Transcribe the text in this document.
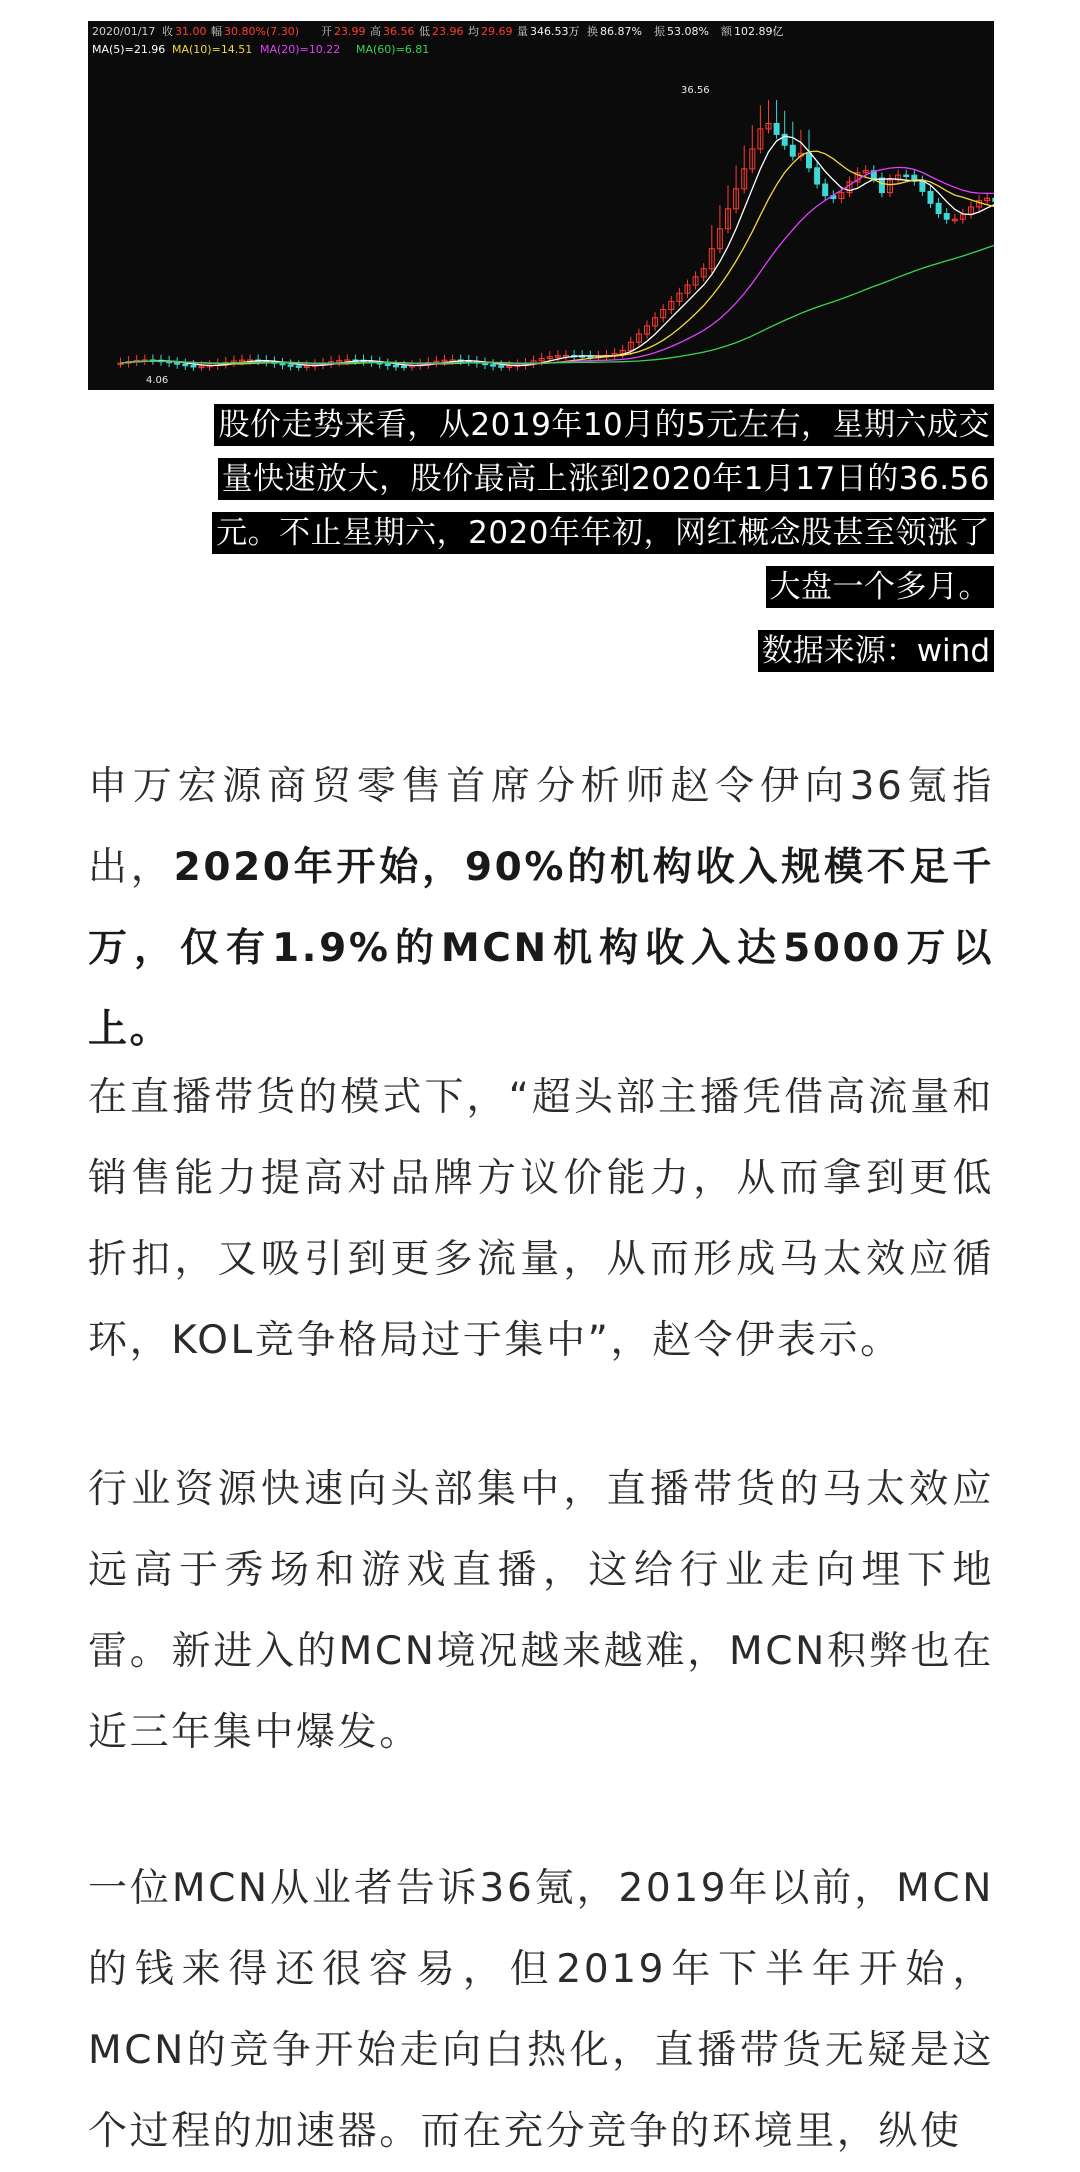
2020/01/17 收 31.00 幅 30.80%(7.30) 开 23.99 高 36.56 低 23.96 均 29.69 量 346.53万 换 86.87% 振 53.08% 额 102.89亿
MA(5)=21.96 MA(10)=14.51 MA(20)=10.22 MA(60)=6.81
36.56
4.06
股价走势来看，从2019年10月的5元左右，星期六成交
量快速放大，股价最高上涨到2020年1月17日的36.56
元。不止星期六，2020年年初，网红概念股甚至领涨了
大盘一个多月。
数据来源：wind
申万宏源商贸零售首席分析师赵令伊向36氪指出，2020年开始，90%的机构收入规模不足千万，仅有1.9%的MCN机构收入达5000万以上。
在直播带货的模式下，“超头部主播凭借高流量和销售能力提高对品牌方议价能力，从而拿到更低折扣，又吸引到更多流量，从而形成马太效应循环，KOL竞争格局过于集中”，赵令伊表示。
行业资源快速向头部集中，直播带货的马太效应远高于秀场和游戏直播，这给行业走向埋下地雷。新进入的MCN境况越来越难，MCN积弊也在近三年集中爆发。
一位MCN从业者告诉36氪，2019年以前，MCN的钱来得还很容易，但2019年下半年开始，MCN的竞争开始走向白热化，直播带货无疑是这个过程的加速器。而在充分竞争的环境里，纵使
